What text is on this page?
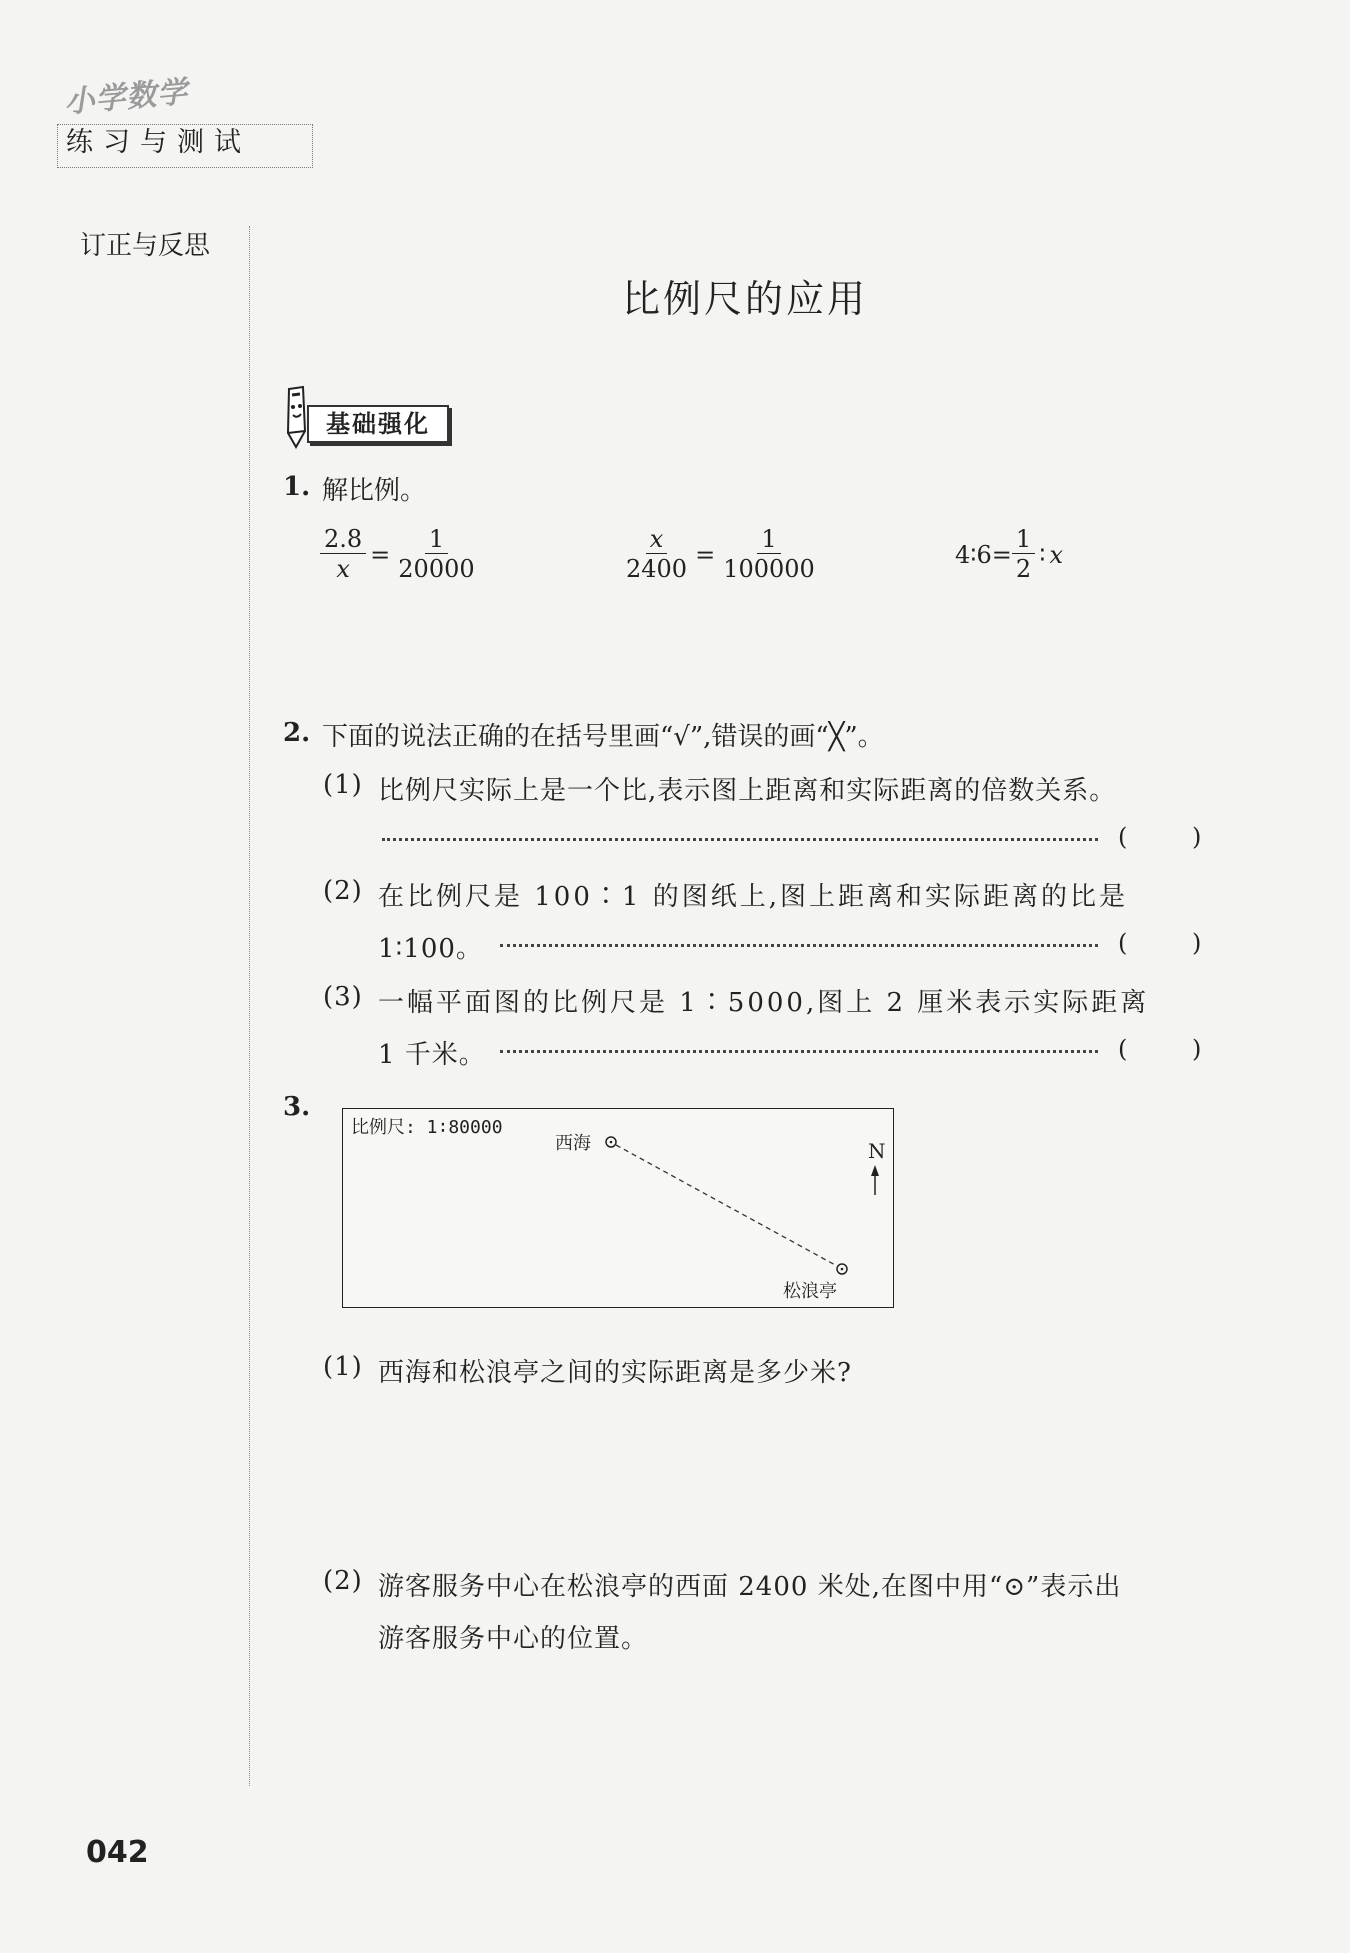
小学数学
练习与测试
订正与反思
比例尺的应用
基础强化
1. 解比例。
$\frac{2.8}{x} = \frac{1}{20000}$	$\frac{x}{2400} = \frac{1}{100000}$	4∶6= $\frac{1}{2}$ ∶ x
2. 下面的说法正确的在括号里画“√”,错误的画“╳”。
(1) 比例尺实际上是一个比,表示图上距离和实际距离的倍数关系。
(	)
(2) 在比例尺是 100∶1 的图纸上,图上距离和实际距离的比是
1∶100。	(	)
(3) 一幅平面图的比例尺是 1∶5000,图上 2 厘米表示实际距离
1 千米。	(	)
3.
比例尺: 1∶80000
西海
松浪亭
N
(1) 西海和松浪亭之间的实际距离是多少米?
(2) 游客服务中心在松浪亭的西面 2400 米处,在图中用“⊙”表示出
游客服务中心的位置。
042
